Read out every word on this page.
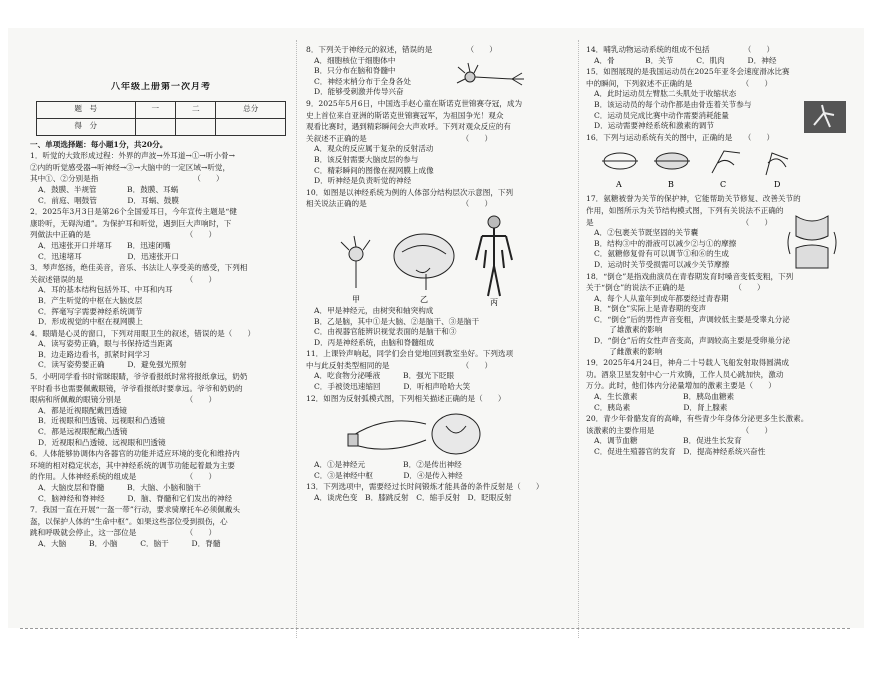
八年级上册第一次月考

题　号	一	二	总分
得　分			

一、单项选择题：每小题1分，共20分。

1．听觉的大致形成过程：外界的声波→外耳道→①→听小骨→

②内的听觉感受器→听神经→③→大脑中的一定区域→听觉，

其中①、②分别是指　　　　　　　　　　　　　（　　）

A．鼓膜、半规管　　　　B．鼓膜、耳蜗

C．前庭、咽鼓管　　　　D．耳蜗、鼓膜

2．2025年3月3日是第26个全国爱耳日，今年宣传主题是“健

康聆听，无碍沟通”。为保护耳和听觉，遇到巨大声响时，下

列做法中正确的是　　　　　　　　　　　　　（　　）

A．迅速张开口并堵耳　　B．迅速闭嘴

C．迅速堵耳　　　　　　D．迅速张开口

3．琴声悠扬，绝佳美音，音乐、书法让人享受美的感受，下列相

关叙述错误的是　　　　　　　　　　　　　　（　　）

A．耳的基本结构包括外耳、中耳和内耳

B．产生听觉的中枢在大脑皮层

C．挥毫写字需要神经系统调节

D．形成视觉的中枢在视网膜上

4．眼睛是心灵的窗口，下列对用眼卫生的叙述，错误的是（　　）

A．读写姿势正确，眼与书保持适当距离

B．边走路边看书，抓紧时间学习

C．读写姿势要正确　　　D．避免强光照射

5．小明同学看书时常眯眼睛，爷爷看报纸时常将报纸拿远，奶奶

平时看书也需要佩戴眼镜，爷爷看报纸时要拿远。爷爷和奶奶的

眼病和所佩戴的眼镜分别是　　　　　　　　　（　　）

A．都是近视眼配戴凹透镜

B．近视眼和凹透镜、远视眼和凸透镜

C．都是远视眼配戴凸透镜

D．近视眼和凸透镜、远视眼和凹透镜

6．人体能够协调体内各器官的功能并适应环境的变化和维持内

环境的相对稳定状态，其中神经系统的调节功能起着最为主要

的作用。人体神经系统的组成是　　　　　　　（　　）

A．大脑皮层和脊髓　　　B．大脑、小脑和脑干

C．脑神经和脊神经　　　D．脑、脊髓和它们发出的神经

7．我国一直在开展“一盔一带”行动，要求骑摩托车必须佩戴头

盔，以保护人体的“生命中枢”。如果这些部位受到损伤，心

跳和呼吸就会停止，这一部位是　　　　　　　（　　）

A．大脑　　　B．小脑　　　C．脑干　　　D．脊髓

8．下列关于神经元的叙述，错误的是　　　　　（　　）

A．细胞核位于细胞体中

B．只分布在脑和脊髓中

C．神经末梢分布于全身各处

D．能够受刺激并传导兴奋

9．2025年5月6日，中国选手赵心童在斯诺克世锦赛夺冠，成为

史上首位来自亚洲的斯诺克世锦赛冠军，为祖国争光！观众

观看比赛时，遇到精彩瞬间会大声欢呼。下列对观众反应的有

关叙述不正确的是　　　　　　　　　　　　　（　　）

A．观众的反应属于复杂的反射活动

B．该反射需要大脑皮层的参与

C．精彩瞬间的图像在视网膜上成像

D．听神经是负责听觉的神经

10．如图是以神经系统为例的人体部分结构层次示意图，下列

相关说法正确的是　　　　　　　　　　　　　（　　）

甲	乙	丙

A．甲是神经元，由树突和轴突构成

B．乙是脑，其中①是大脑、②是脑干、③是脑干

C．由视器官能辨识视觉表面的是脑干和③

D．丙是神经系统，由脑和脊髓组成

11．上课铃声响起，同学们会自觉地回到教室坐好。下列选项

中与此反射类型相同的是　　　　　　　　　　（　　）

A．吃食物分泌唾液　　　B．强光下眨眼

C．手被烫迅速缩回　　　D．听相声哈哈大笑

12．如图为反射弧模式图，下列相关描述正确的是（　　）

A．①是神经元　　　　　B．②是传出神经

C．③是神经中枢　　　　D．④是传入神经

13．下列选项中，需要经过长时间锻炼才能具备的条件反射是（　　）

A．谈虎色变　B．膝跳反射　C．缩手反射　D．眨眼反射

14．哺乳动物运动系统的组成不包括　　　　　（　　）

A．骨　　　　B．关节　　　C．肌肉　　　D．神经

15．如图展现的是我国运动员在2025年亚冬会速度滑冰比赛

中的瞬间，下列叙述不正确的是　　　　　　　（　　）

A．此时运动员左臂肱二头肌处于收缩状态

B．该运动员的每个动作都是由骨连着关节参与

C．运动员完成比赛中动作需要消耗能量

D．运动需要神经系统和激素的调节

16．下列与运动系统有关的图中，正确的是　　（　　）

A	B	C	D

17．氨糖被誉为关节的保护神，它能帮助关节修复、改善关节的

作用，如图所示为关节结构模式图，下列有关说法不正确的

是　　　　　　　　　　　　　　　　　　　　（　　）

A．②包裹关节既坚固的关节囊

B．结构③中的滑液可以减少②与①的摩擦

C．氨糖修复骨有可以调节①和⑥的生成

D．运动时关节受损需可以减少关节摩擦

18．“倒仓”是指戏曲演员在青春期发育时嗓音变低变粗，下列

关于“倒仓”的说法不正确的是　　　　　　　（　　）

A．每个人从童年到成年都要经过青春期

B．“倒仓”实际上是青春期的变声

C．“倒仓”后的男性声音变粗，声调较低主要是受睾丸分泌

　　了雄激素的影响

D．“倒仓”后的女性声音变高，声调较高主要是受卵巢分泌

　　了雌激素的影响

19．2025年4月24日，神舟二十号载人飞船发射取得圆满成

功。酒泉卫星发射中心一片欢腾，工作人员心跳加快，激动

万分。此时，他们体内分泌量增加的激素主要是（　　）

A．生长激素　　　　　　B．胰岛血糖素

C．胰岛素　　　　　　　D．肾上腺素

20．青少年骨骼发育的高峰，有些青少年身体分泌更多生长激素。

该激素的主要作用是　　　　　　　　　　　　（　　）

A．调节血糖　　　　　　B．促进生长发育

C．促进生殖器官的发育　D．提高神经系统兴奋性
